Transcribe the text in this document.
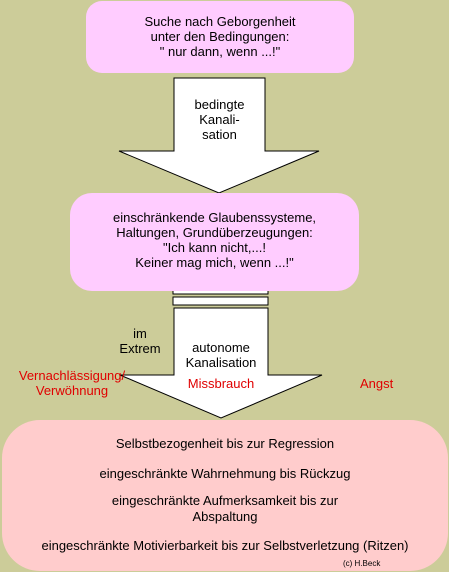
Suche nach Geborgenheit
unter den Bedingungen:
" nur dann, wenn ...!"
bedingte
Kanali-
sation
einschränkende Glaubenssysteme,
Haltungen, Grundüberzeugungen:
"Ich kann nicht,...!
Keiner mag mich, wenn ...!"
im
Extrem	autonome
Kanalisation
Missbrauch
Vernachlässigung/
Verwöhnung	Angst
Selbstbezogenheit bis zur Regression
eingeschränkte Wahrnehmung bis Rückzug
eingeschränkte Aufmerksamkeit bis zur
Abspaltung
eingeschränkte Motivierbarkeit bis zur Selbstverletzung (Ritzen)
(c) H.Beck
